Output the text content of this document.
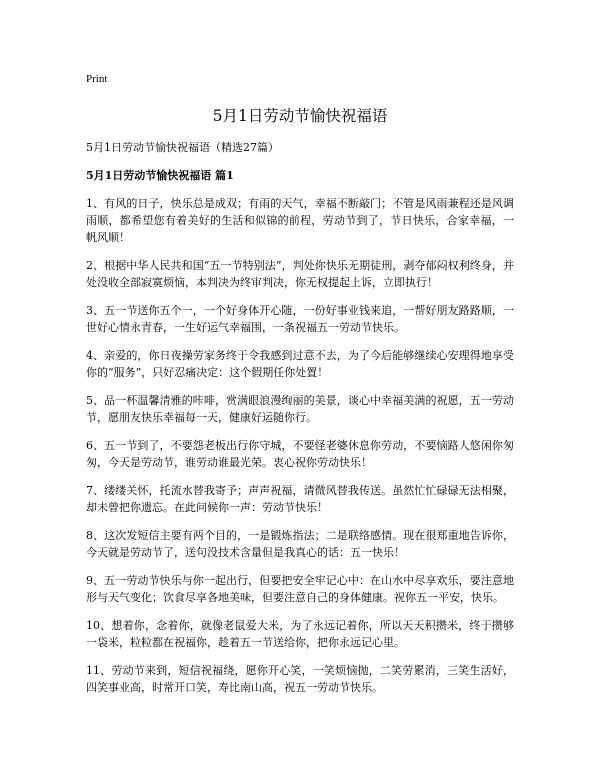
Print
5月1日劳动节愉快祝福语
5月1日劳动节愉快祝福语（精选27篇）
5月1日劳动节愉快祝福语 篇1

1、有风的日子，快乐总是成双；有雨的天气，幸福不断敲门；不管是风雨兼程还是风调雨顺，都希望您有着美好的生活和似锦的前程，劳动节到了，节日快乐，合家幸福，一帆风顺！

2、根据中华人民共和国“五一节特别法”，判处你快乐无期徒刑，剥夺郁闷权利终身，并处没收全部寂寞烦恼，本判决为终审判决，你无权提起上诉，立即执行！

3、五一节送你五个一，一个好身体开心随，一份好事业钱来追，一帮好朋友路路顺，一世好心情永青春，一生好运气幸福围，一条祝福五一劳动节快乐。

4、亲爱的，你日夜操劳家务终于令我感到过意不去，为了今后能够继续心安理得地享受你的“服务”，只好忍痛决定：这个假期任你处置！

5、品一杯温馨清雅的咔啡，赏满眼浪漫绚丽的美景，谈心中幸福美满的祝愿，五一劳动节，愿朋友快乐幸福每一天，健康好运随你行。

6、五一节到了，不要怨老板出行你守城，不要怪老婆休息你劳动，不要恼路人悠闲你匆匆，今天是劳动节，谁劳动谁最光荣。衷心祝你劳动快乐！

7、缕缕关怀，托流水替我寄予；声声祝福，请微风替我传送。虽然忙忙碌碌无法相聚，却未曾把你遗忘。在此问候你一声：劳动节快乐！

8、这次发短信主要有两个目的，一是锻炼指法；二是联络感情。现在很郑重地告诉你，今天就是劳动节了，送句没技术含量但是我真心的话：五一快乐！

9、五一劳动节快乐与你一起出行，但要把安全牢记心中：在山水中尽享欢乐，要注意地形与天气变化；饮食尽享各地美味，但要注意自己的身体健康。祝你五一平安，快乐。

10、想着你，念着你，就像老鼠爱大米，为了永远记着你，所以天天积攒米，终于攒够一袋米，粒粒都在祝福你，趁着五一节送给你，把你永远记心里。

11、劳动节来到，短信祝福绕，愿你开心笑，一笑烦恼抛，二笑劳累消，三笑生活好，四笑事业高，时常开口笑，寿比南山高，祝五一劳动节快乐。
